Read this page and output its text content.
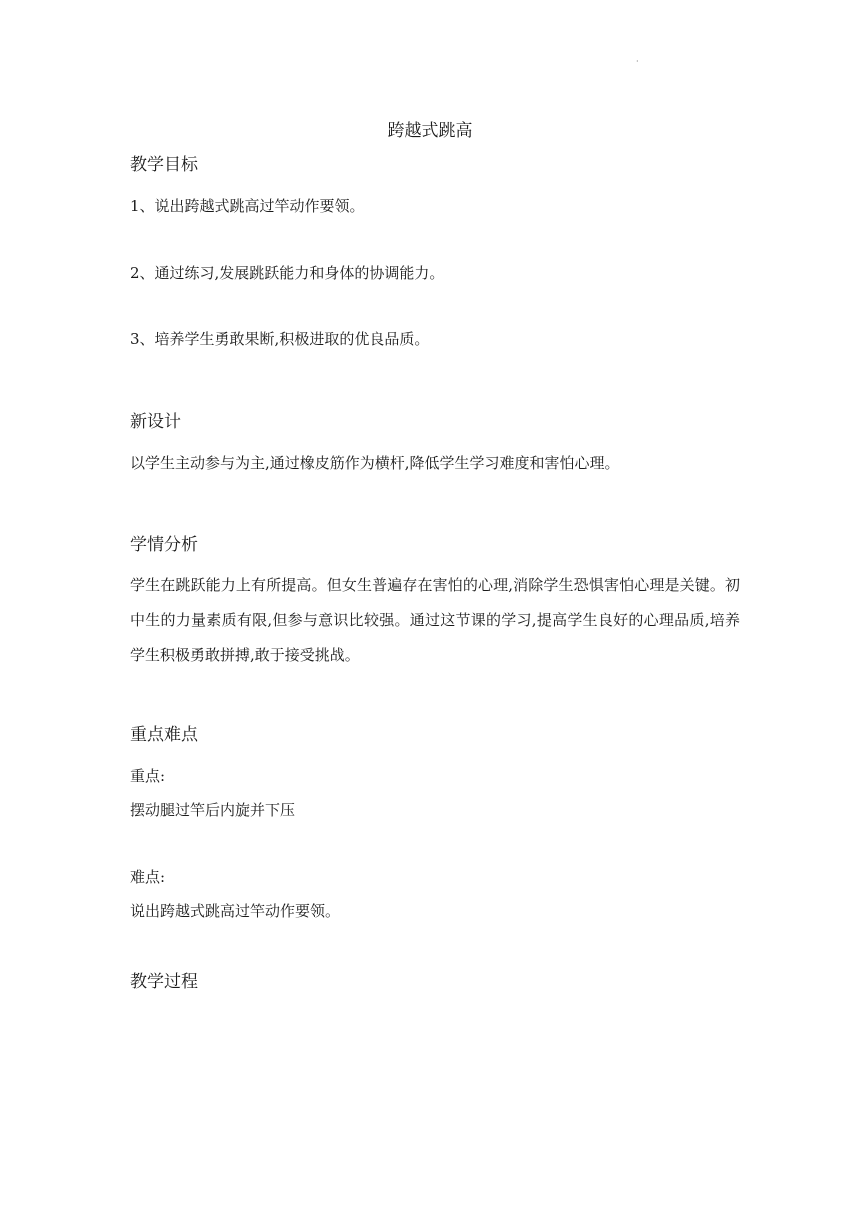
·
跨越式跳高
教学目标

1、说出跨越式跳高过竿动作要领。

2、通过练习,发展跳跃能力和身体的协调能力。

3、培养学生勇敢果断,积极进取的优良品质。

新设计

以学生主动参与为主,通过橡皮筋作为横杆,降低学生学习难度和害怕心理。

学情分析

学生在跳跃能力上有所提高。但女生普遍存在害怕的心理,消除学生恐惧害怕心理是关键。初中生的力量素质有限,但参与意识比较强。通过这节课的学习,提高学生良好的心理品质,培养学生积极勇敢拼搏,敢于接受挑战。

重点难点

重点:

摆动腿过竿后内旋并下压

难点:

说出跨越式跳高过竿动作要领。

教学过程
